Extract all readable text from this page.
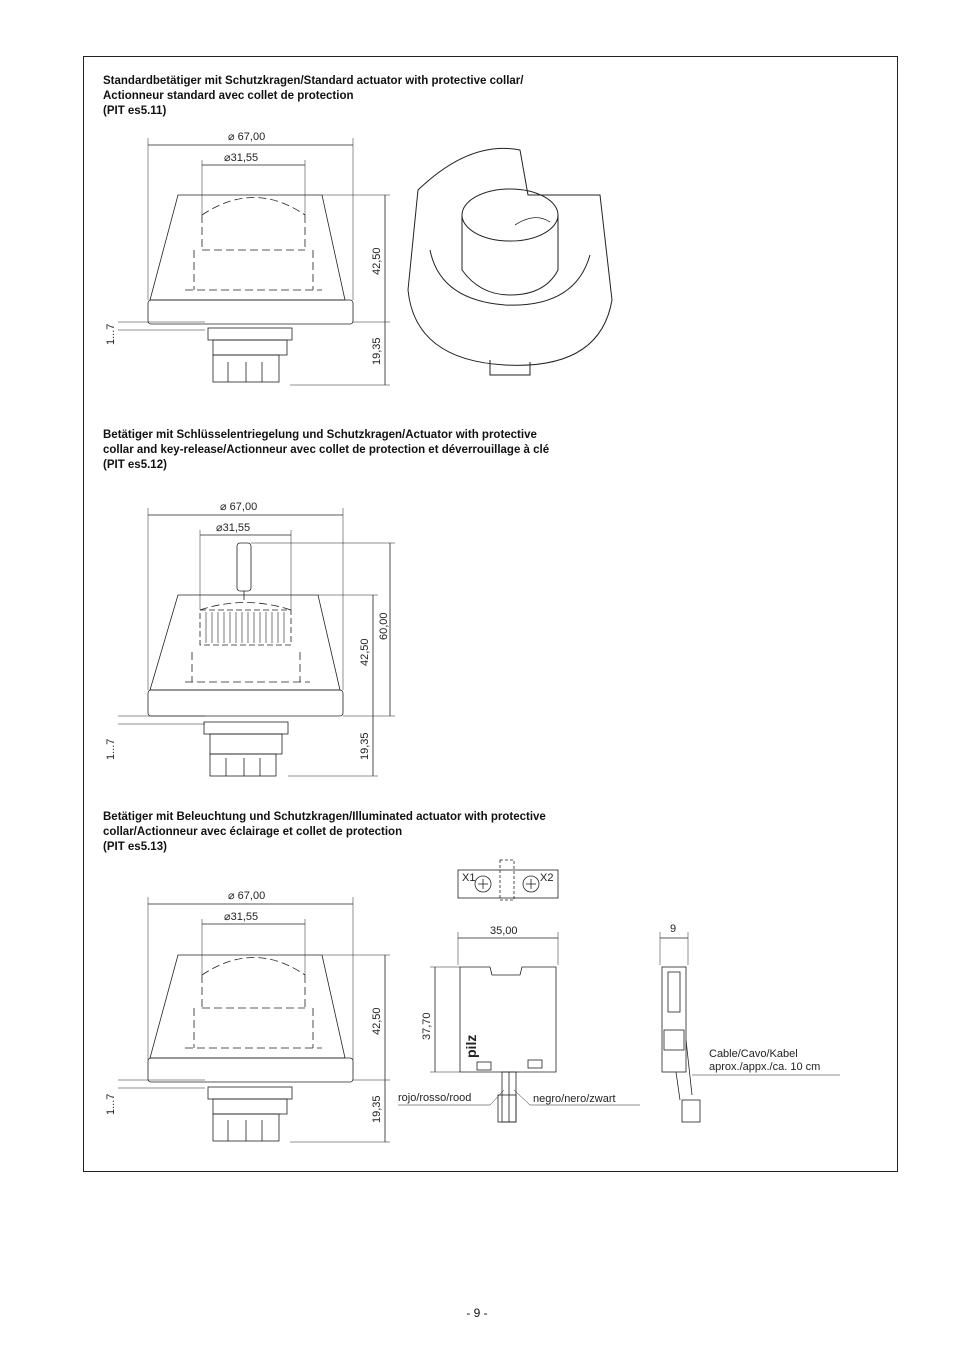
Standardbetätiger mit Schutzkragen/Standard actuator with protective collar/
Actionneur standard avec collet de protection
(PIT es5.11)
Betätiger mit Schlüsselentriegelung und Schutzkragen/Actuator with protective
collar and key-release/Actionneur avec collet de protection et déverrouillage à clé
(PIT es5.12)
Betätiger mit Beleuchtung und Schutzkragen/Illuminated actuator with protective
collar/Actionneur avec éclairage et collet de protection
(PIT es5.13)
⌀ 67,00
⌀31,55
42,50
19,35
1...7
⌀ 67,00
⌀31,55
42,50
60,00
19,35
1...7
⌀ 67,00
⌀31,55
42,50
19,35
1...7
X1	X2
35,00
37,70
9
pilz
rojo/rosso/rood	negro/nero/zwart
Cable/Cavo/Kabel
aprox./appx./ca. 10 cm
- 9 -
